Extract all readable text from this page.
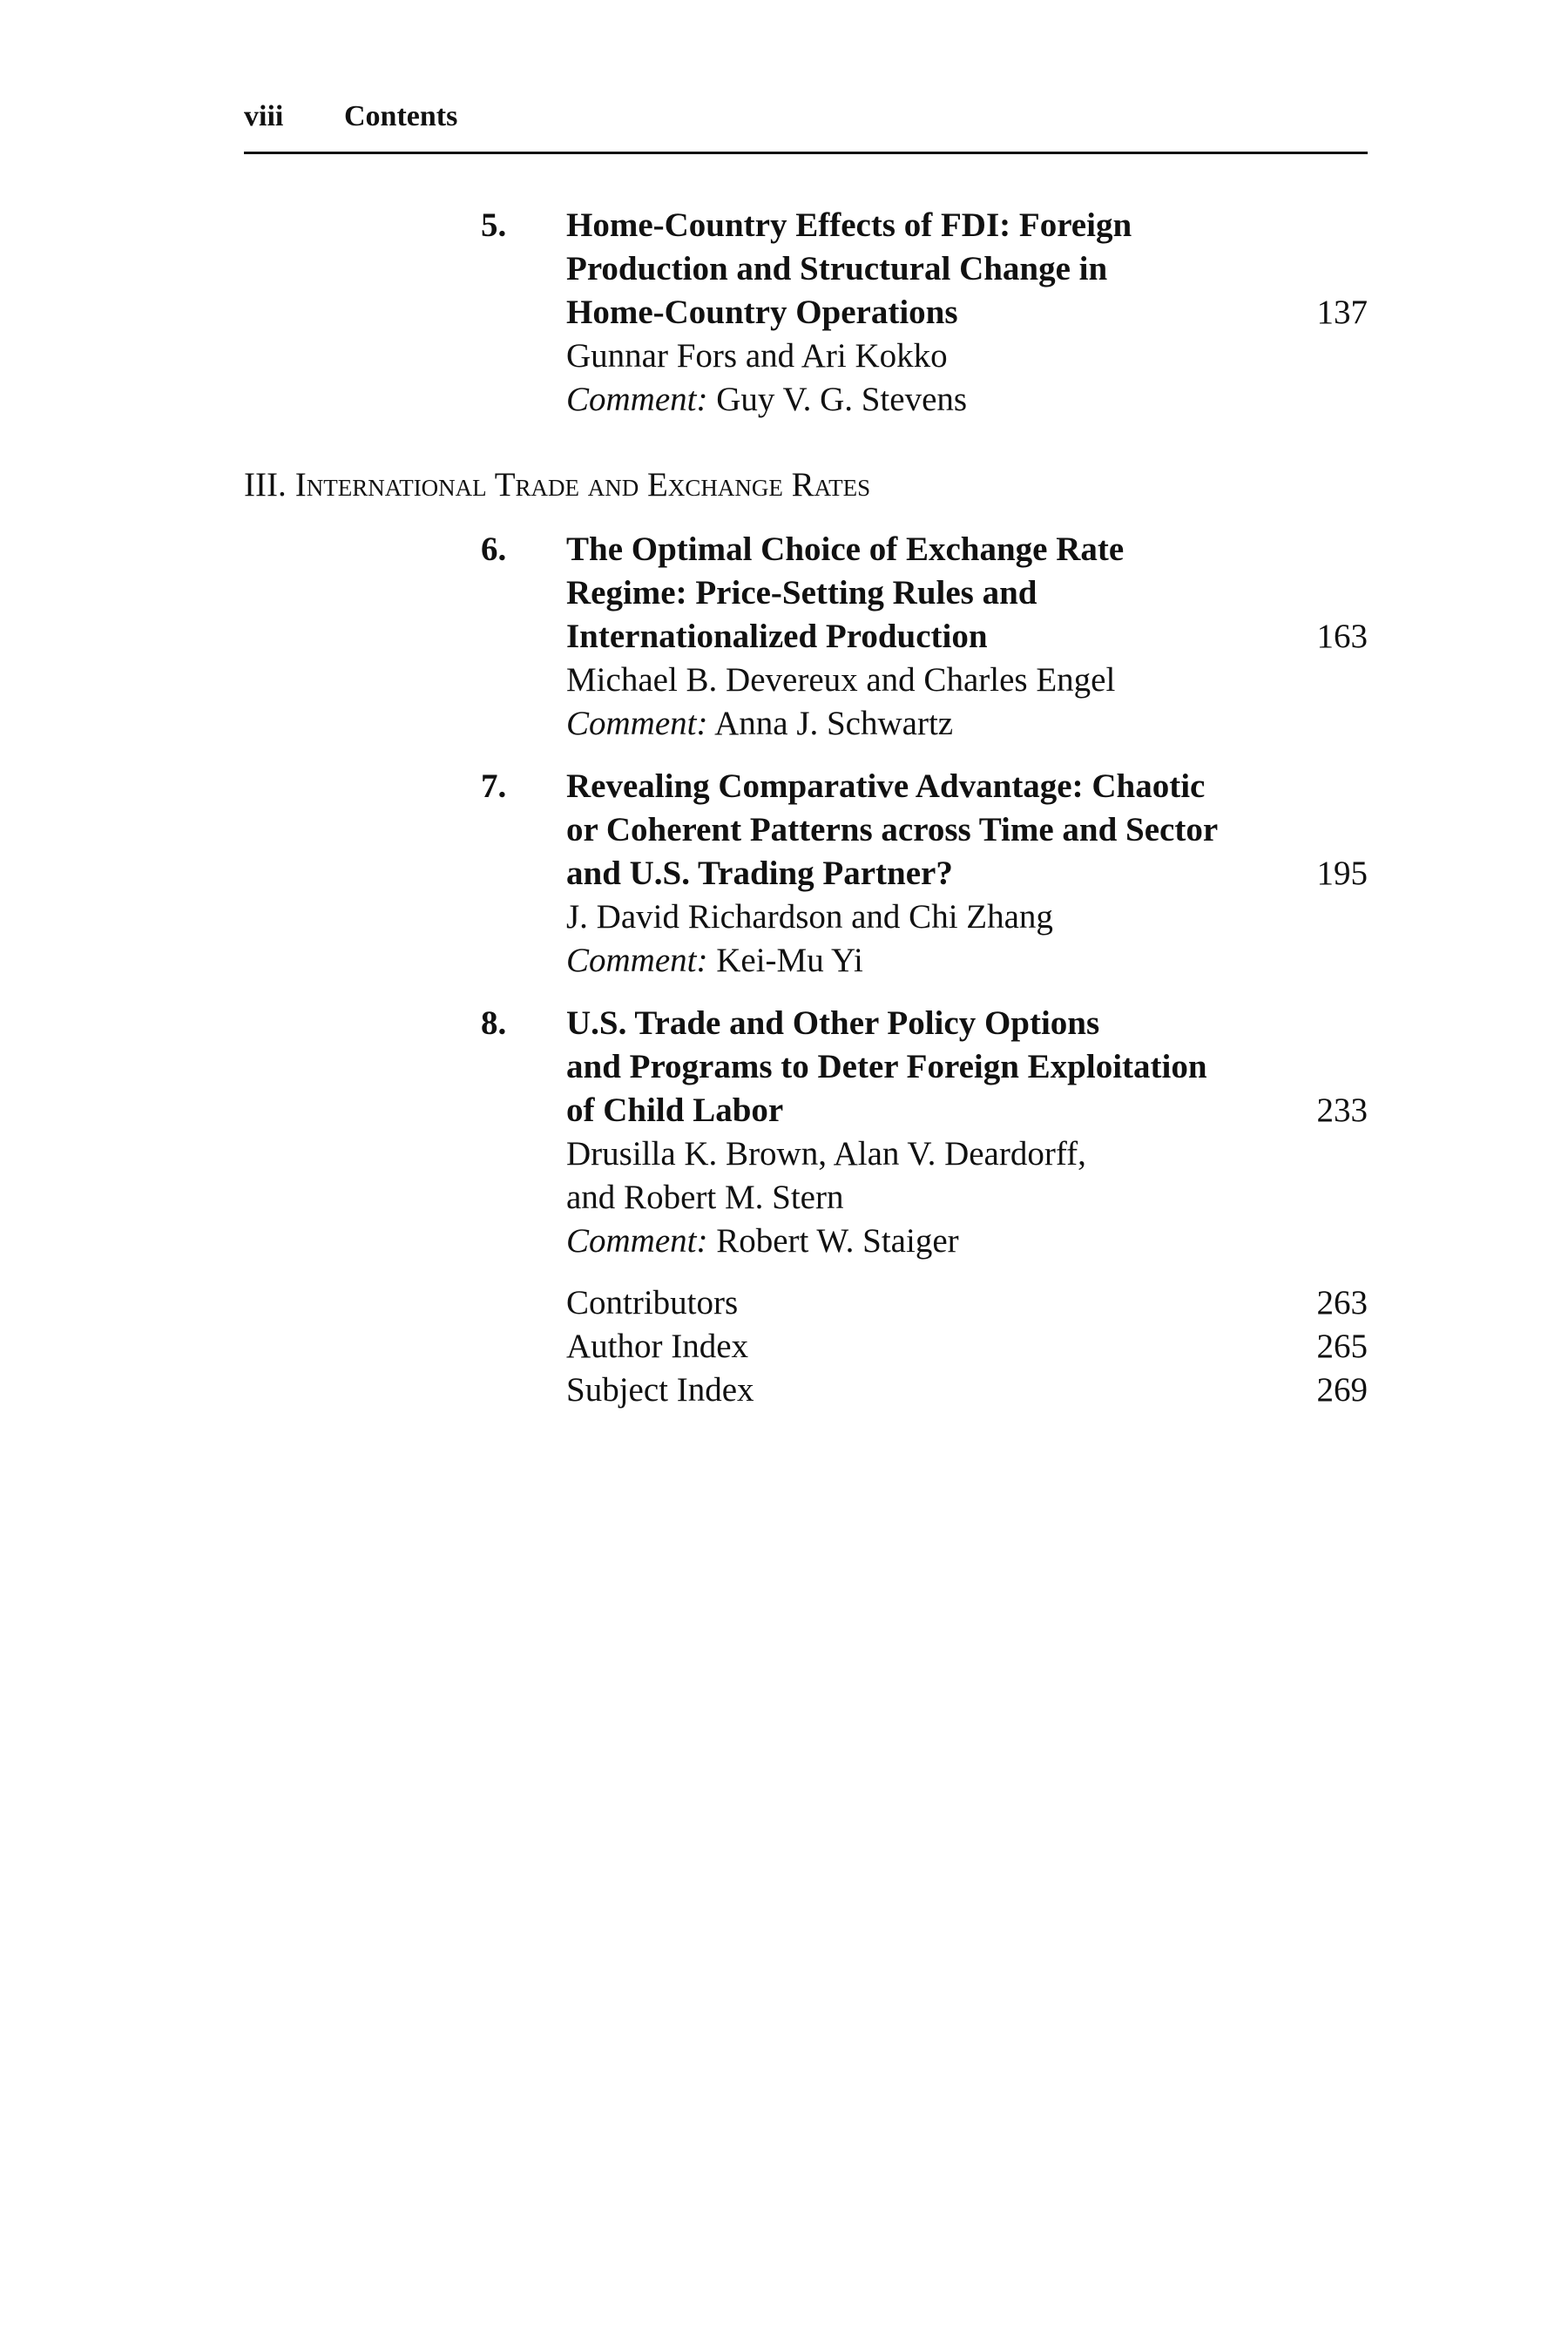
viii Contents
5. Home-Country Effects of FDI: Foreign
Production and Structural Change in
Home-Country Operations	137
Gunnar Fors and Ari Kokko
Comment: Guy V. G. Stevens
III. International Trade and Exchange Rates
6. The Optimal Choice of Exchange Rate
Regime: Price-Setting Rules and
Internationalized Production	163
Michael B. Devereux and Charles Engel
Comment: Anna J. Schwartz
7. Revealing Comparative Advantage: Chaotic
or Coherent Patterns across Time and Sector
and U.S. Trading Partner?	195
J. David Richardson and Chi Zhang
Comment: Kei-Mu Yi
8. U.S. Trade and Other Policy Options
and Programs to Deter Foreign Exploitation
of Child Labor	233
Drusilla K. Brown, Alan V. Deardorff,
and Robert M. Stern
Comment: Robert W. Staiger
Contributors	263
Author Index	265
Subject Index	269
